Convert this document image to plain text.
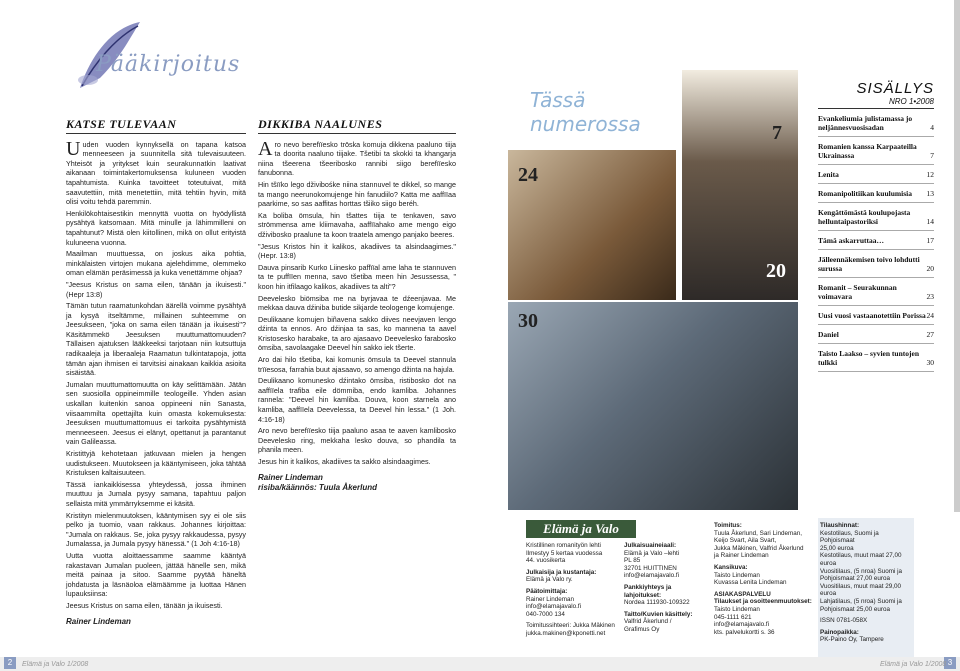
Pääkirjoitus
KATSE TULEVAAN

Uuden vuoden kynnyksellä on tapana katsoa menneeseen ja suunnitella sitä tulevaisuuteen. Yhteisöt ja yritykset kuin seurakunnatkin laativat aikanaan toimintakertomuksensa kuluneen vuoden tapahtumista. Kuinka tavoitteet toteutuivat, mitä saavutettiin, mitä menetettiin, mitä tehtiin hyvin, mitä olisi voitu tehdä paremmin.

Henkilökohtaisestikin mennyttä vuotta on hyödyllistä pysähtyä katsomaan. Mitä minulle ja lähimmilleni on tapahtunut? Mistä olen kiitollinen, mikä on ollut erityistä kuluneena vuonna.

Maailman muuttuessa, on joskus aika pohtia, minkälaisten virtojen mukana ajelehdimme, olemmeko oman elämän peräsimessä ja kuka venettämme ohjaa?

"Jeesus Kristus on sama eilen, tänään ja ikuisesti." (Hepr 13:8)

Tämän tutun raamatunkohdan äärellä voimme pysähtyä ja kysyä itseltämme, millainen suhteemme on Jeesukseen, "joka on sama eilen tänään ja ikuisesti"? Käsitämmekö Jeesuksen muuttumattomuuden? Tällaisen ajatuksen lääkkeeksi tarjotaan niin kutsuttuja radikaaleja ja liberaaleja Raamatun tulkintatapoja, jotta tämän ajan ihmisen ei tarvitsisi ainakaan kaikkia asioita sisäistää.

Jumalan muuttumattomuutta on käy selittämään. Jätän sen suosiolla oppineimmille teologeille. Yhden asian uskallan kuitenkin sanoa oppineeni niin Sanasta, viisaammilta opettajilta kuin omasta kokemuksesta: Jeesuksen muuttumattomuus ei tarkoita pysähtymistä menneeseen. Jeesus ei elänyt, opettanut ja parantanut vain Galileassa.

Kristittyjä kehotetaan jatkuvaan mielen ja hengen uudistukseen. Muutokseen ja kääntymiseen, joka tähtää Kristuksen kaltaisuuteen.

Tässä iankaikkisessa yhteydessä, jossa ihminen muuttuu ja Jumala pysyy samana, tapahtuu paljon sellaista mitä ymmärryksemme ei käsitä.

Kristityn mielenmuutoksen, kääntymisen syy ei ole siis pelko ja tuomio, vaan rakkaus. Johannes kirjoittaa: "Jumala on rakkaus. Se, joka pysyy rakkaudessa, pysyy Jumalassa, ja Jumala pysyy hänessä." (1 Joh 4:16-18)

Uutta vuotta aloittaessamme saamme kääntyä rakastavan Jumalan puoleen, jättää hänelle sen, mikä meitä painaa ja sitoo. Saamme pyytää häneltä johdatusta ja läsnäoloa elämäämme ja luottaa Hänen lupauksiinsa:

Jeesus Kristus on sama eilen, tänään ja ikuisesti.

Rainer Lindeman
DIKKIBA NAALUNES

Aro nevo berefïïesko trōska komuja dikkena paaluno tiija ta doorita naaluno tiijake. Tšetibi ta skokki ta khangarja niina tšeerena tšeeribosko rannibi siigo berefïïesko fanubonna.

Hin tšïïko lego dživibośke niina stannuvel te dikkel, so mange ta mango neerunokomujenge hin fanudiilo? Katta me aaffïïaa paarkime, so sas aaffitas horttas tšiiko siigo beréh.

Ka boliba ömsula, hin tšattes tiija te tenkaven, savo strömmensa ame kliimavaha, aaffïïahako ame mengo eigo dživibosko praalune ta koon traatela amengo panjako beeres.

"Jesus Kristos hin it kalikos, akadiives ta alsindaagimes." (Hepr. 13:8)

Dauva pinsarib Kurko Liinesko paffïïal ame laha te stannuven ta te puffïïen menna, savo tšetiba meen hin Jesussessa, " koon hin itfilaago kalikos, akadiives ta alti"?

Deevelesko biömsiba me na byrjavaa te dźeenjavaa. Me mekkaa dauva dźiniba butide sikjarde teologenge komujenge.

Deulikaane komujen biñavena sakko diives neevjaven lengo dźinta ta ennos. Aro dźinjaa ta sas, ko mannena ta aavel Kristosesko harabake, ta aro ajasaavo Deevelesko farabosko ömsiba, savolaagake Deevel hin sakko iek tšerte.

Aro dai hilo tšetiba, kai komunis ömsula ta Deevel stannula trïïesosa, farrahia buut ajasaavo, so amengo džinta na hajula.

Deulikaano komunesko dźintako ömsiba, ristibosko dot na aaffïïela trafiba eile dömmiba, endo kamliba. Johannes rannela: "Deevel hin kamliba. Douva, koon starnela ano kamliba, aaffïïela Deevelessa, ta Deevel hin lessa." (1 Joh. 4:16-18)

Aro nevo berefïïesko tiija paaluno asaa te aaven kamlibosko Deevelesko ring, mekkaha lesko douva, so phandila ta phanila meen.

Jesus hin it kalikos, akadiives ta sakko alsindaagimes.

Rainer Lindeman
risiba/käännös: Tuula Åkerlund
2	Elämä ja Valo 1/2008
Tässä
numerossa
24
7
20
30
SISÄLLYS
NRO 1•2008
Evankeliumia julistamassa jo neljännesvuosisadan	4
Romanien kanssa Karpaateilla Ukrainassa	7
Lenita	12
Romanipolitiikan kuulumisia 13
Kengättömästä koulupojasta helluntaipastoriksi	14
Tämä askarruttaa…	17
Jälleennäkemisen toivo lohdutti surussa	20
Romanit – Seurakunnan voimavara	23
Uusi vuosi vastaanotettiin Porissa 24
Daniel	27
Taisto Laakso – syvien tuntojen tulkki	30
Elämä ja Valo
Kristillinen romanityön lehti
Ilmestyy 5 kertaa vuodessa
44. vuosikerta
Julkaisija ja kustantaja:
Elämä ja Valo ry.
Päätoimittaja:
Rainer Lindeman
info@elamajavalo.fi
040-7000 134
Toimitussihteeri: Jukka Mäkinen
jukka.makinen@kponetti.net
Julkaisuaineiaali:
Elämä ja Valo –lehti
PL 85
32701 HUITTINEN
info@elamajavalo.fi
Pankkiyhteys ja lahjoitukset:
Nordea 111930-109322
Taitto/Kuvien käsittely:
Valfrid Åkerlund /
Grafimus Oy
Toimitus:
Tuula Åkerlund, Sari Lindeman,
Keijo Svart, Aila Svart,
Jukka Mäkinen, Valfrid Åkerlund
ja Rainer Lindeman
Kansikuva:
Taisto Lindeman
Kuvassa Lenita Lindeman
ASIAKASPALVELU
Tilaukset ja osoitteenmuutokset:
Taisto Lindeman
045-1111 621
info@elamajavalo.fi
kts. palvelukortti s. 36
Tilaushinnat:
Kestotilaus, Suomi ja Pohjoismaat
25,00 euroa
Kestotilaus, muut maat 27,00 euroa
Vuositilaus, (5 nroa) Suomi ja Pohjoismaat 27,00 euroa
Vuositilaus, muut maat 29,00 euroa
Lahjatilaus, (5 nroa) Suomi ja Pohjoismaat 25,00 euroa
ISSN 0781-058X
Painopaikka:
PK-Paino Oy, Tampere
3
Elämä ja Valo 1/2008
